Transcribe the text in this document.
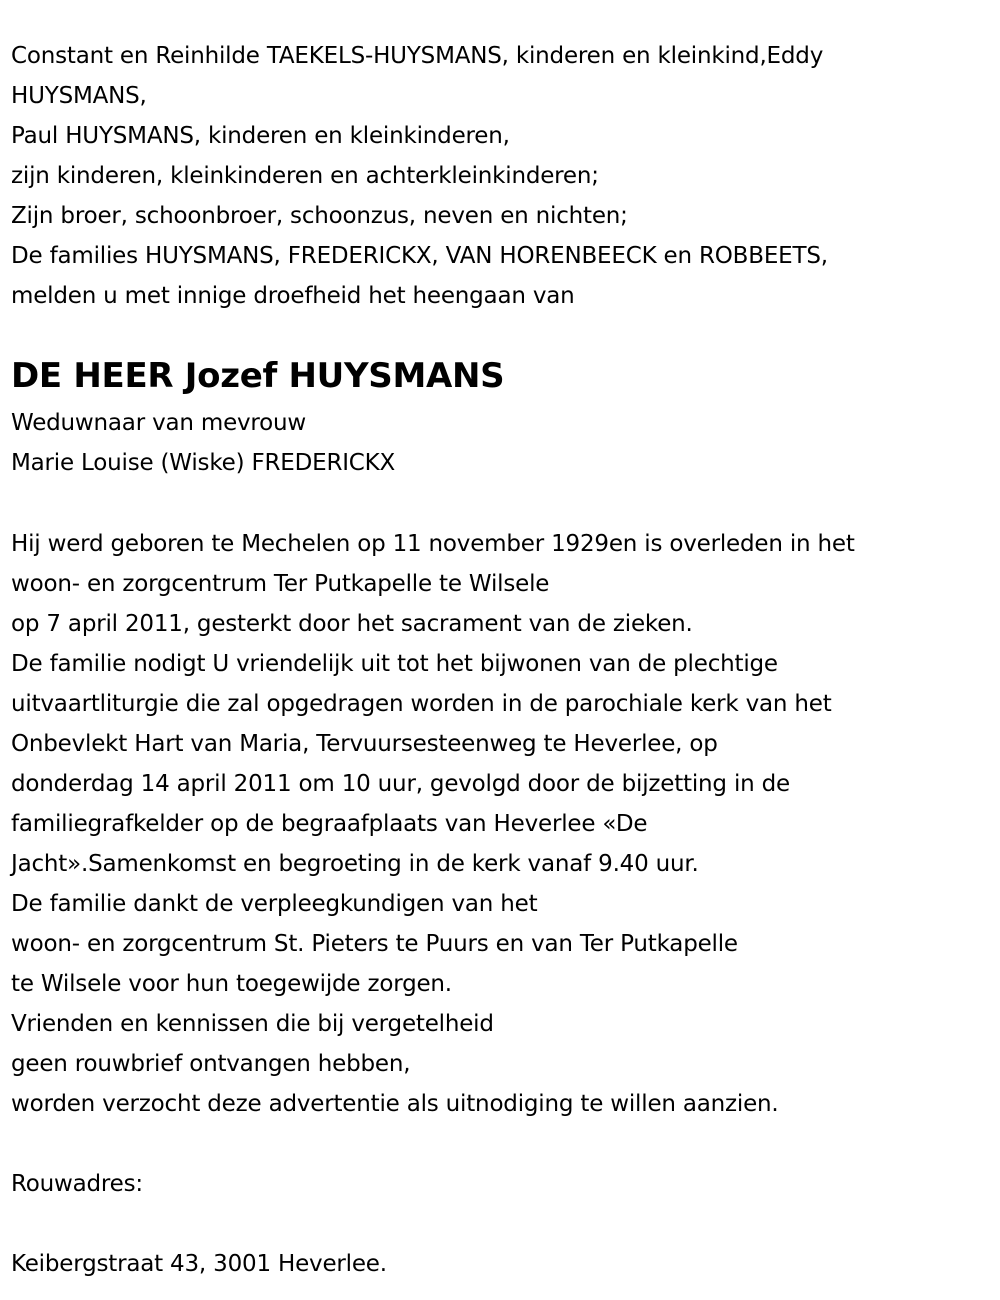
Constant en Reinhilde TAEKELS-HUYSMANS, kinderen en kleinkind,Eddy
HUYSMANS,
Paul HUYSMANS, kinderen en kleinkinderen,
zijn kinderen, kleinkinderen en achterkleinkinderen;
Zijn broer, schoonbroer, schoonzus, neven en nichten;
De families HUYSMANS, FREDERICKX, VAN HORENBEECK en ROBBEETS,
melden u met innige droefheid het heengaan van
DE HEER Jozef HUYSMANS
Weduwnaar van mevrouw
Marie Louise (Wiske) FREDERICKX
Hij werd geboren te Mechelen op 11 november 1929en is overleden in het
woon- en zorgcentrum Ter Putkapelle te Wilsele
op 7 april 2011, gesterkt door het sacrament van de zieken.
De familie nodigt U vriendelijk uit tot het bijwonen van de plechtige
uitvaartliturgie die zal opgedragen worden in de parochiale kerk van het
Onbevlekt Hart van Maria, Tervuursesteenweg te Heverlee, op
donderdag 14 april 2011 om 10 uur, gevolgd door de bijzetting in de
familiegrafkelder op de begraafplaats van Heverlee «De
Jacht».Samenkomst en begroeting in de kerk vanaf 9.40 uur.
De familie dankt de verpleegkundigen van het
woon- en zorgcentrum St. Pieters te Puurs en van Ter Putkapelle
te Wilsele voor hun toegewijde zorgen.
Vrienden en kennissen die bij vergetelheid
geen rouwbrief ontvangen hebben,
worden verzocht deze advertentie als uitnodiging te willen aanzien.
Rouwadres:
Keibergstraat 43, 3001 Heverlee.
